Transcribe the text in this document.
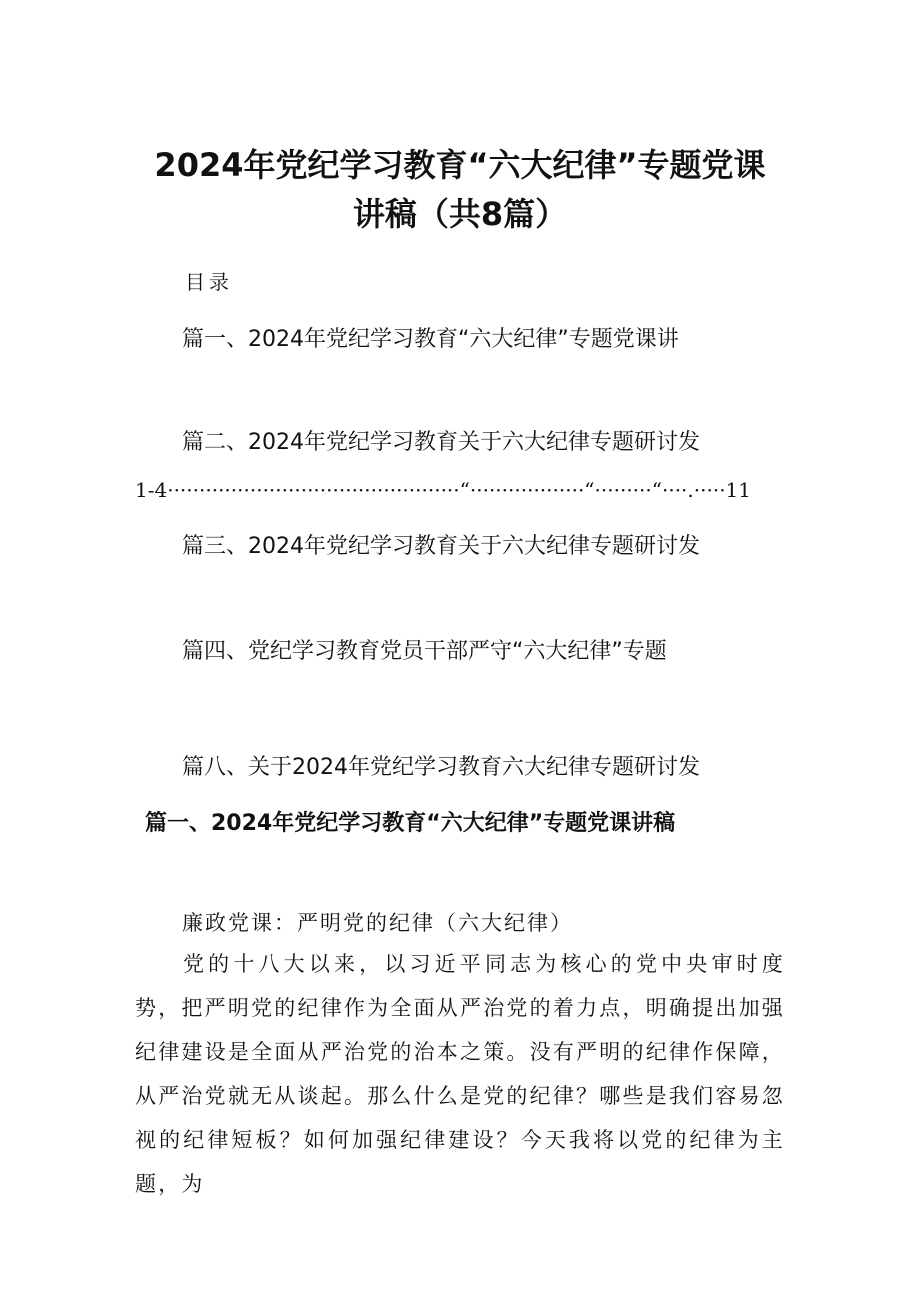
2024年党纪学习教育“六大纪律”专题党课
讲稿（共8篇）
目录
篇一、2024年党纪学习教育“六大纪律”专题党课讲
篇二、2024年党纪学习教育关于六大纪律专题研讨发
1-4··············································“··················“·········“····.·····11
篇三、2024年党纪学习教育关于六大纪律专题研讨发
篇四、党纪学习教育党员干部严守“六大纪律”专题
篇八、关于2024年党纪学习教育六大纪律专题研讨发
篇一、2024年党纪学习教育“六大纪律”专题党课讲稿
廉政党课：严明党的纪律（六大纪律）
党的十八大以来，以习近平同志为核心的党中央审时度势，把严明党的纪律作为全面从严治党的着力点，明确提出加强纪律建设是全面从严治党的治本之策。没有严明的纪律作保障，从严治党就无从谈起。那么什么是党的纪律？哪些是我们容易忽视的纪律短板？如何加强纪律建设？今天我将以党的纪律为主题，为
